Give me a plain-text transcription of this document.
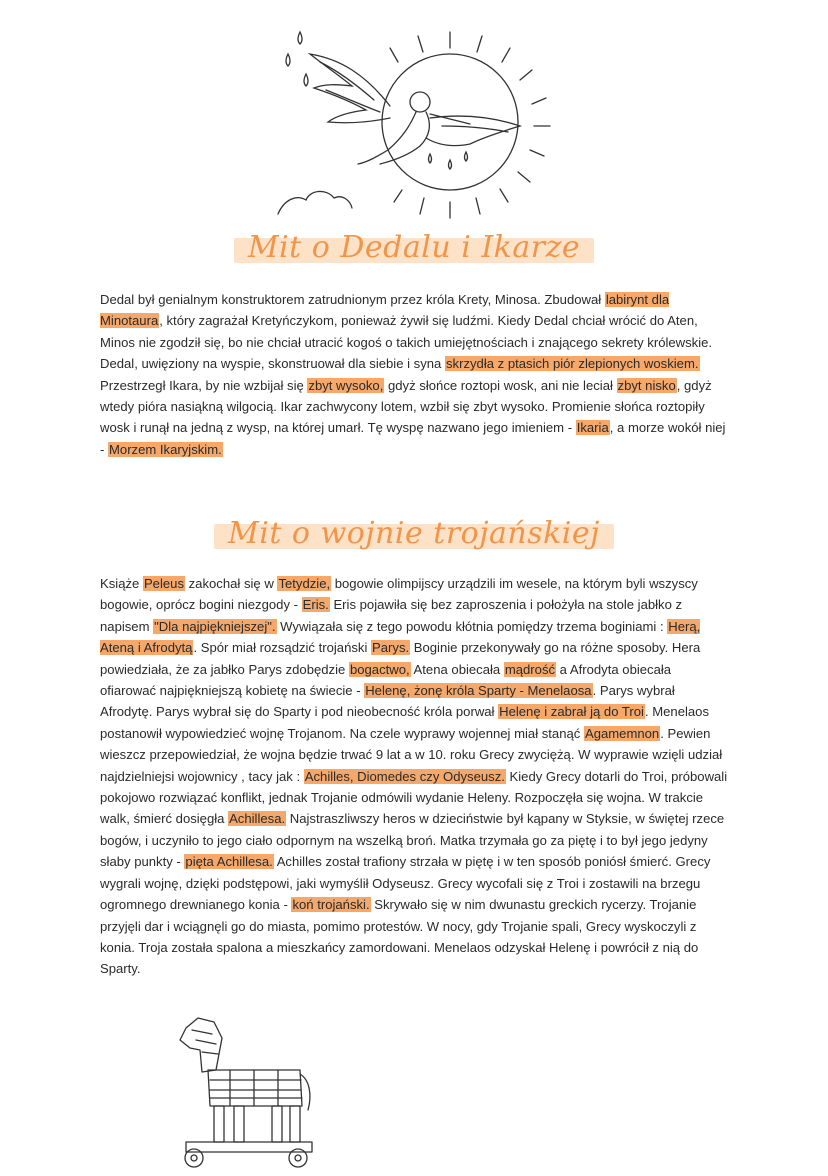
Mit o Dedalu i Ikarze
Dedal był genialnym konstruktorem zatrudnionym przez króla Krety, Minosa. Zbudował labirynt dla Minotaura, który zagrażał Kretyńczykom, ponieważ żywił się ludźmi. Kiedy Dedal chciał wrócić do Aten, Minos nie zgodził się, bo nie chciał utracić kogoś o takich umiejętnościach i znającego sekrety królewskie. Dedal, uwięziony na wyspie, skonstruował dla siebie i syna skrzydła z ptasich piór zlepionych woskiem. Przestrzegł Ikara, by nie wzbijał się zbyt wysoko, gdyż słońce roztopi wosk, ani nie leciał zbyt nisko, gdyż wtedy pióra nasiąkną wilgocią. Ikar zachwycony lotem, wzbił się zbyt wysoko. Promienie słońca roztopiły wosk i runął na jedną z wysp, na której umarł. Tę wyspę nazwano jego imieniem - Ikaria, a morze wokół niej - Morzem Ikaryjskim.
Mit o wojnie trojańskiej
Książe Peleus zakochał się w Tetydzie, bogowie olimpijscy urządzili im wesele, na którym byli wszyscy bogowie, oprócz bogini niezgody - Eris. Eris pojawiła się bez zaproszenia i położyła na stole jabłko z napisem "Dla najpiękniejszej". Wywiązała się z tego powodu kłótnia pomiędzy trzema boginiami : Herą, Ateną i Afrodytą. Spór miał rozsądzić trojański Parys. Boginie przekonywały go na różne sposoby. Hera powiedziała, że za jabłko Parys zdobędzie bogactwo, Atena obiecała mądrość a Afrodyta obiecała ofiarować najpiękniejszą kobietę na świecie - Helenę, żonę króla Sparty - Menelaosa. Parys wybrał Afrodytę. Parys wybrał się do Sparty i pod nieobecność króla porwał Helenę i zabrał ją do Troi. Menelaos postanowił wypowiedzieć wojnę Trojanom. Na czele wyprawy wojennej miał stanąć Agamemnon. Pewien wieszcz przepowiedział, że wojna będzie trwać 9 lat a w 10. roku Grecy zwyciężą. W wyprawie wzięli udział najdzielniejsi wojownicy , tacy jak : Achilles, Diomedes czy Odyseusz. Kiedy Grecy dotarli do Troi, próbowali pokojowo rozwiązać konflikt, jednak Trojanie odmówili wydanie Heleny. Rozpoczęła się wojna. W trakcie walk, śmierć dosięgła Achillesa. Najstraszliwszy heros w dzieciństwie był kąpany w Styksie, w świętej rzece bogów, i uczyniło to jego ciało odpornym na wszelką broń. Matka trzymała go za piętę i to był jego jedyny słaby punkty - pięta Achillesa. Achilles został trafiony strzała w piętę i w ten sposób poniósł śmierć. Grecy wygrali wojnę, dzięki podstępowi, jaki wymyślił Odyseusz. Grecy wycofali się z Troi i zostawili na brzegu ogromnego drewnianego konia - koń trojański. Skrywało się w nim dwunastu greckich rycerzy. Trojanie przyjęli dar i wciągnęli go do miasta, pomimo protestów. W nocy, gdy Trojanie spali, Grecy wyskoczyli z konia. Troja została spalona a mieszkańcy zamordowani. Menelaos odzyskał Helenę i powrócił z nią do Sparty.
